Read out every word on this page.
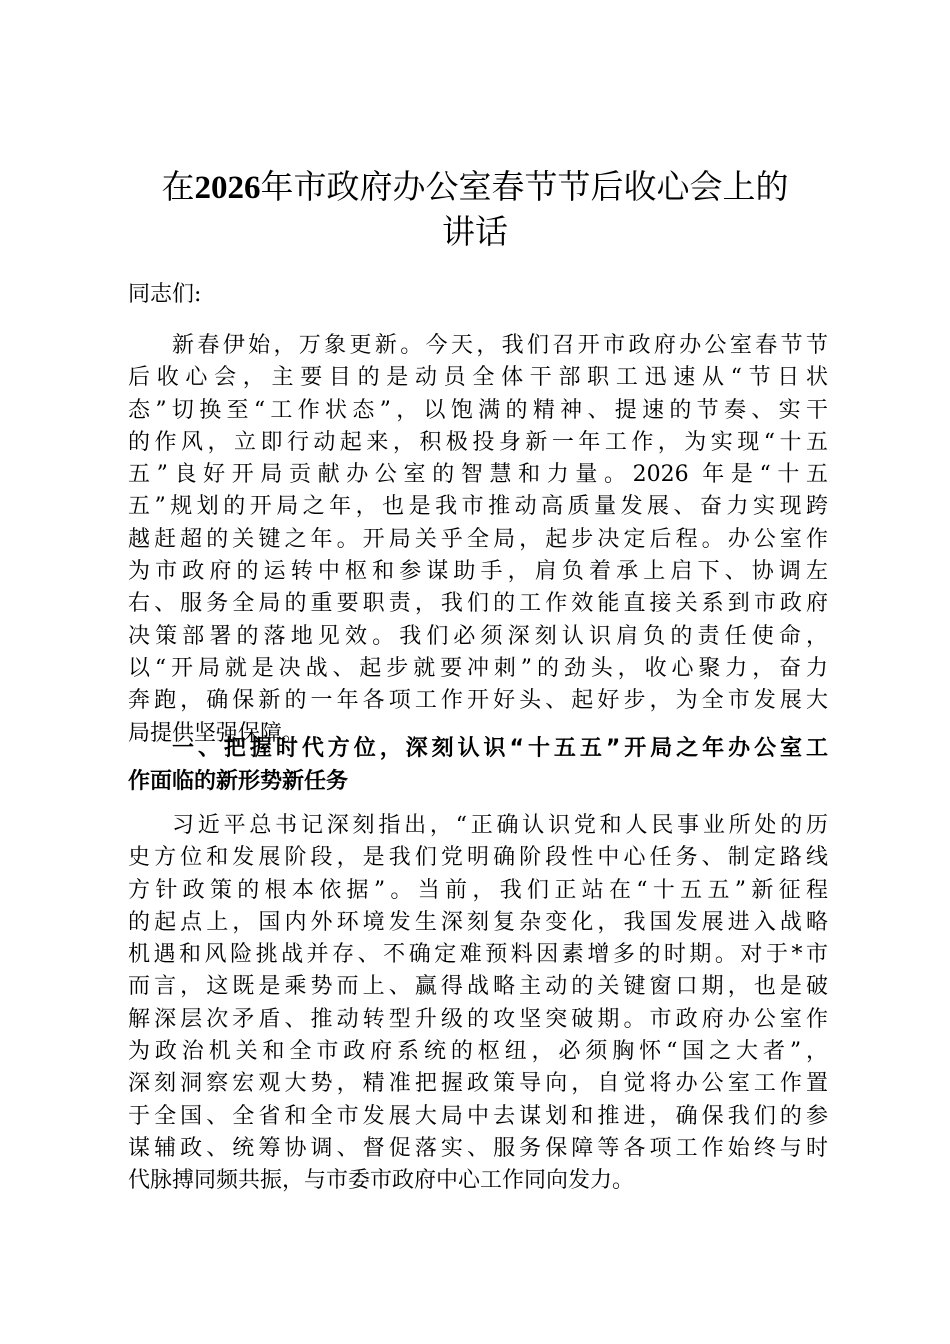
在2026年市政府办公室春节节后收心会上的
讲话
同志们:
新春伊始，万象更新。今天，我们召开市政府办公室春节节
后收心会，主要目的是动员全体干部职工迅速从“节日状
态”切换至“工作状态”，以饱满的精神、提速的节奏、实干
的作风，立即行动起来，积极投身新一年工作，为实现“十五
五”良好开局贡献办公室的智慧和力量。2026 年是“十五
五”规划的开局之年，也是我市推动高质量发展、奋力实现跨
越赶超的关键之年。开局关乎全局，起步决定后程。办公室作
为市政府的运转中枢和参谋助手，肩负着承上启下、协调左
右、服务全局的重要职责，我们的工作效能直接关系到市政府
决策部署的落地见效。我们必须深刻认识肩负的责任使命，
以“开局就是决战、起步就要冲刺”的劲头，收心聚力，奋力
奔跑，确保新的一年各项工作开好头、起好步，为全市发展大
局提供坚强保障。
一、把握时代方位，深刻认识“十五五”开局之年办公室工
作面临的新形势新任务
习近平总书记深刻指出，“正确认识党和人民事业所处的历
史方位和发展阶段，是我们党明确阶段性中心任务、制定路线
方针政策的根本依据”。当前，我们正站在“十五五”新征程
的起点上，国内外环境发生深刻复杂变化，我国发展进入战略
机遇和风险挑战并存、不确定难预料因素增多的时期。对于*市
而言，这既是乘势而上、赢得战略主动的关键窗口期，也是破
解深层次矛盾、推动转型升级的攻坚突破期。市政府办公室作
为政治机关和全市政府系统的枢纽，必须胸怀“国之大者”，
深刻洞察宏观大势，精准把握政策导向，自觉将办公室工作置
于全国、全省和全市发展大局中去谋划和推进，确保我们的参
谋辅政、统筹协调、督促落实、服务保障等各项工作始终与时
代脉搏同频共振，与市委市政府中心工作同向发力。
